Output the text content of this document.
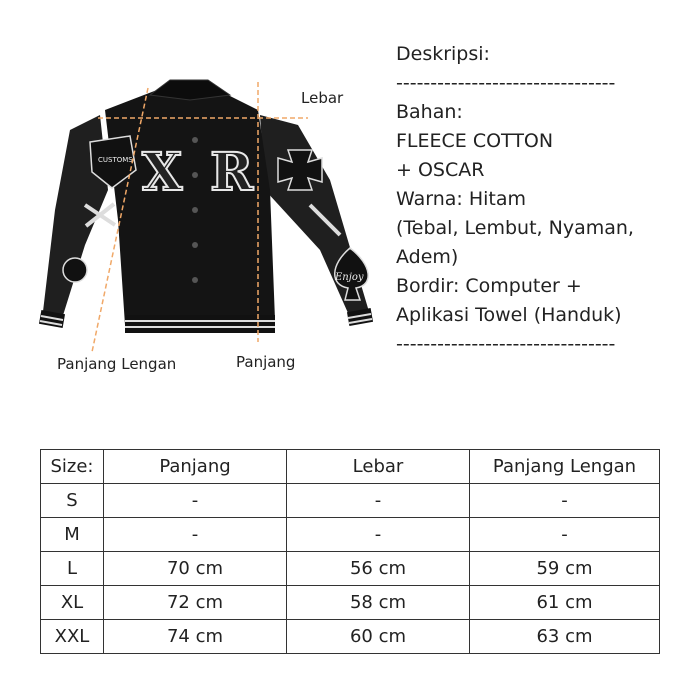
X R
CUSTOMS
Enjoy
Lebar
Panjang Lengan	Panjang
Deskripsi:
--------------------------------
Bahan:
FLEECE COTTON
+ OSCAR
Warna: Hitam
(Tebal, Lembut, Nyaman,
Adem)
Bordir: Computer +
Aplikasi Towel (Handuk)
--------------------------------
Size:	Panjang	Lebar	Panjang Lengan
S	-	-	-
M	-	-	-
L	70 cm	56 cm	59 cm
XL	72 cm	58 cm	61 cm
XXL	74 cm	60 cm	63 cm
